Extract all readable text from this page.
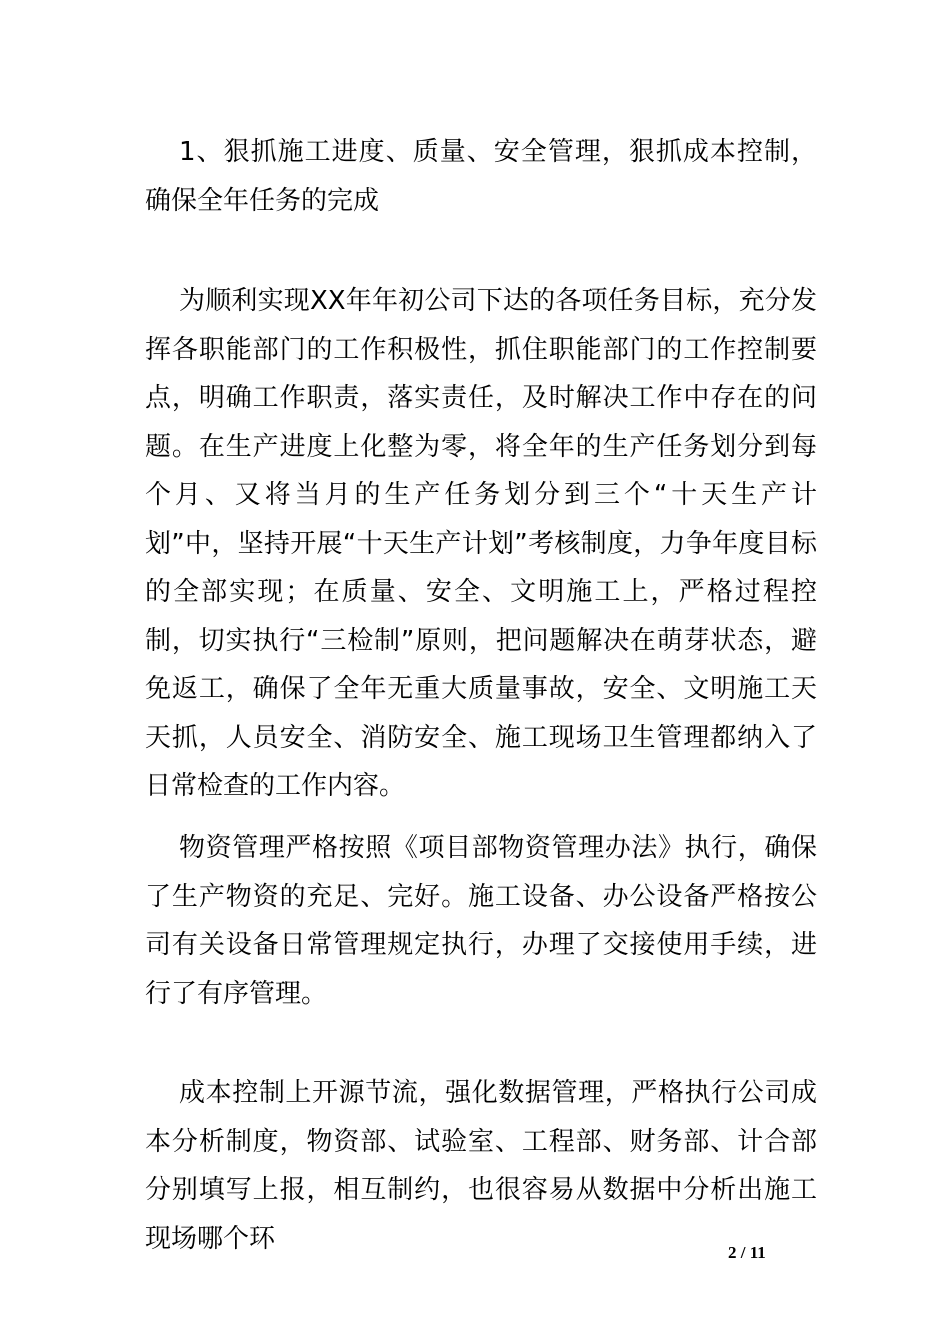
1、狠抓施工进度、质量、安全管理，狠抓成本控制，确保全年任务的完成

为顺利实现XX年年初公司下达的各项任务目标，充分发挥各职能部门的工作积极性，抓住职能部门的工作控制要点，明确工作职责，落实责任，及时解决工作中存在的问题。在生产进度上化整为零，将全年的生产任务划分到每个月、又将当月的生产任务划分到三个“十天生产计划”中，坚持开展“十天生产计划”考核制度，力争年度目标的全部实现；在质量、安全、文明施工上，严格过程控制，切实执行“三检制”原则，把问题解决在萌芽状态，避免返工，确保了全年无重大质量事故，安全、文明施工天天抓，人员安全、消防安全、施工现场卫生管理都纳入了日常检查的工作内容。

物资管理严格按照《项目部物资管理办法》执行，确保了生产物资的充足、完好。施工设备、办公设备严格按公司有关设备日常管理规定执行，办理了交接使用手续，进行了有序管理。

成本控制上开源节流，强化数据管理，严格执行公司成本分析制度，物资部、试验室、工程部、财务部、计合部分别填写上报，相互制约，也很容易从数据中分析出施工现场哪个环	2 / 11
